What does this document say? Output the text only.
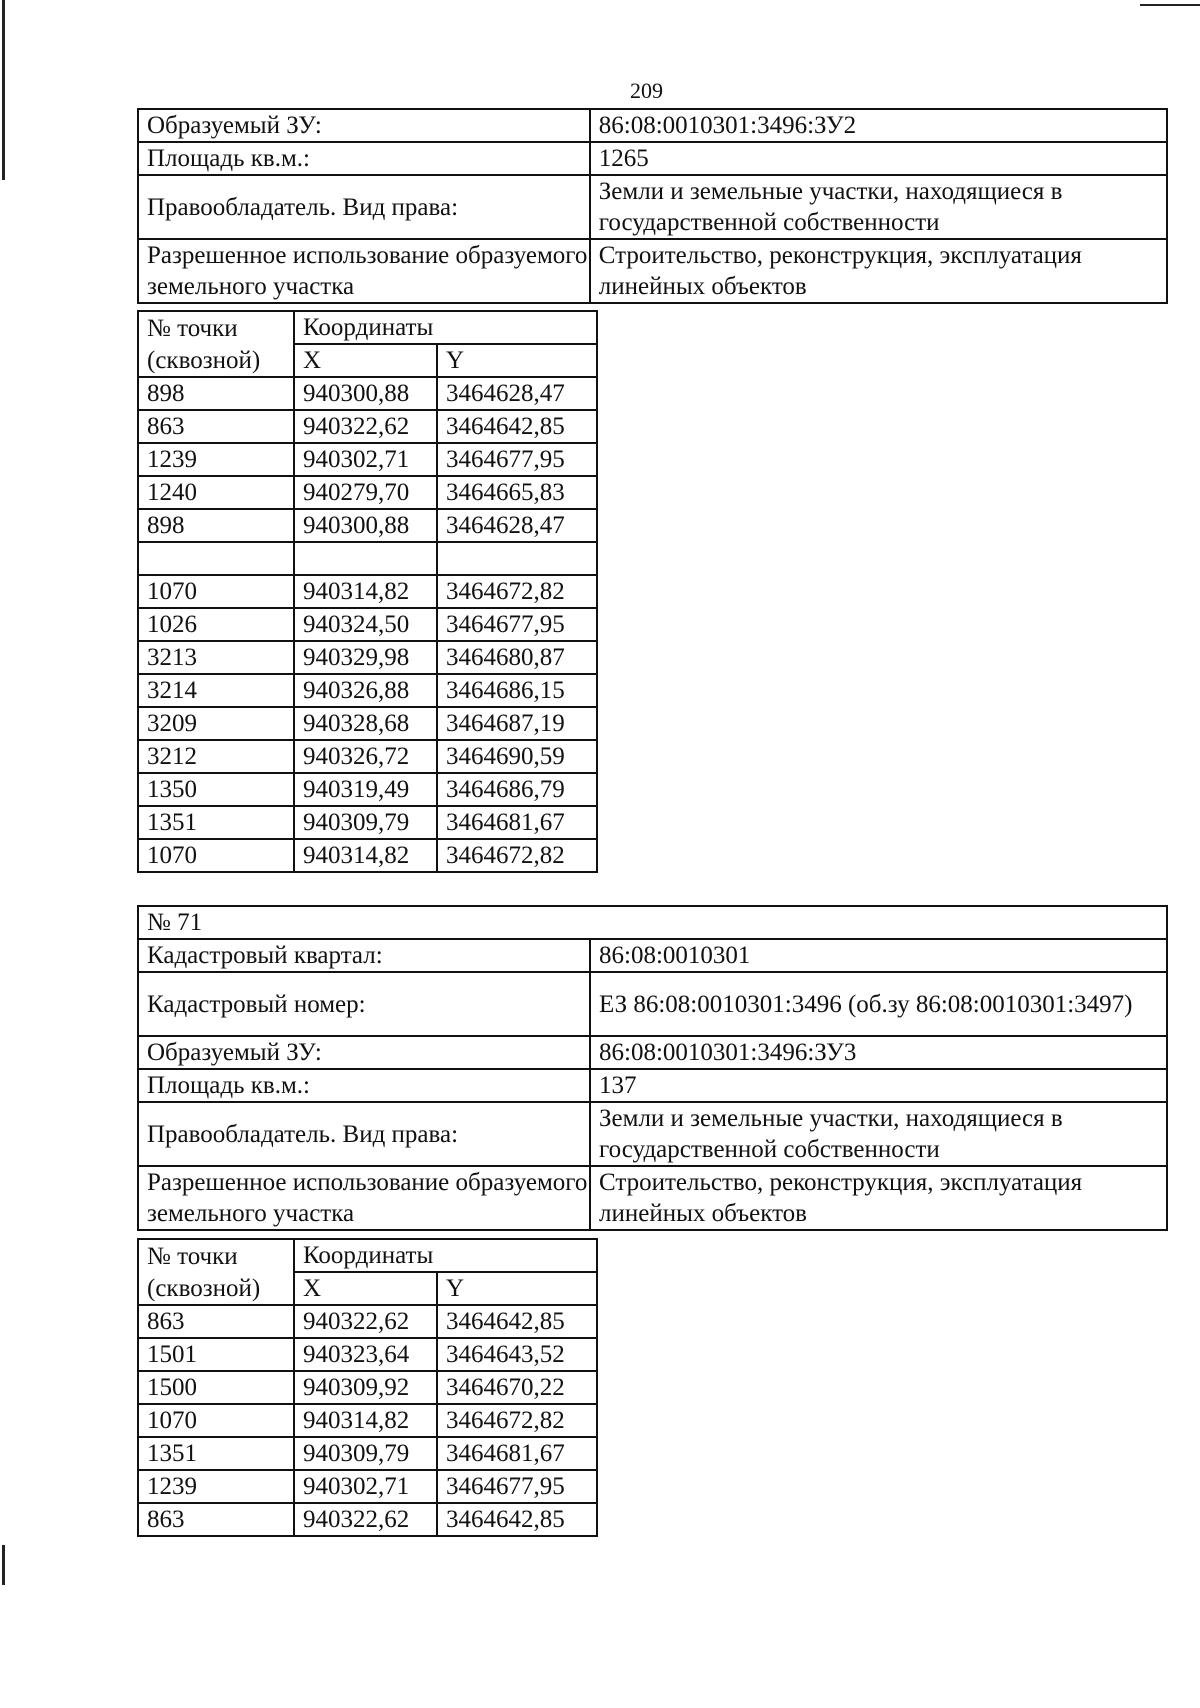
209
Образуемый ЗУ:	86:08:0010301:3496:ЗУ2
Площадь кв.м.:	1265
Правообладатель. Вид права:	Земли и земельные участки, находящиеся в государственной собственности
Разрешенное использование образуемого земельного участка	Строительство, реконструкция, эксплуатация линейных объектов
№ точки	Координаты	
(сквозной)	X	Y
898	940300,88	3464628,47
863	940322,62	3464642,85
1239	940302,71	3464677,95
1240	940279,70	3464665,83
898	940300,88	3464628,47

1070	940314,82	3464672,82
1026	940324,50	3464677,95
3213	940329,98	3464680,87
3214	940326,88	3464686,15
3209	940328,68	3464687,19
3212	940326,72	3464690,59
1350	940319,49	3464686,79
1351	940309,79	3464681,67
1070	940314,82	3464672,82
№ 71	
Кадастровый квартал:	86:08:0010301
Кадастровый номер:	ЕЗ 86:08:0010301:3496 (об.зу 86:08:0010301:3497)
Образуемый ЗУ:	86:08:0010301:3496:ЗУ3
Площадь кв.м.:	137
Правообладатель. Вид права:	Земли и земельные участки, находящиеся в государственной собственности
Разрешенное использование образуемого земельного участка	Строительство, реконструкция, эксплуатация линейных объектов
№ точки	Координаты	
(сквозной)	X	Y
863	940322,62	3464642,85
1501	940323,64	3464643,52
1500	940309,92	3464670,22
1070	940314,82	3464672,82
1351	940309,79	3464681,67
1239	940302,71	3464677,95
863	940322,62	3464642,85
